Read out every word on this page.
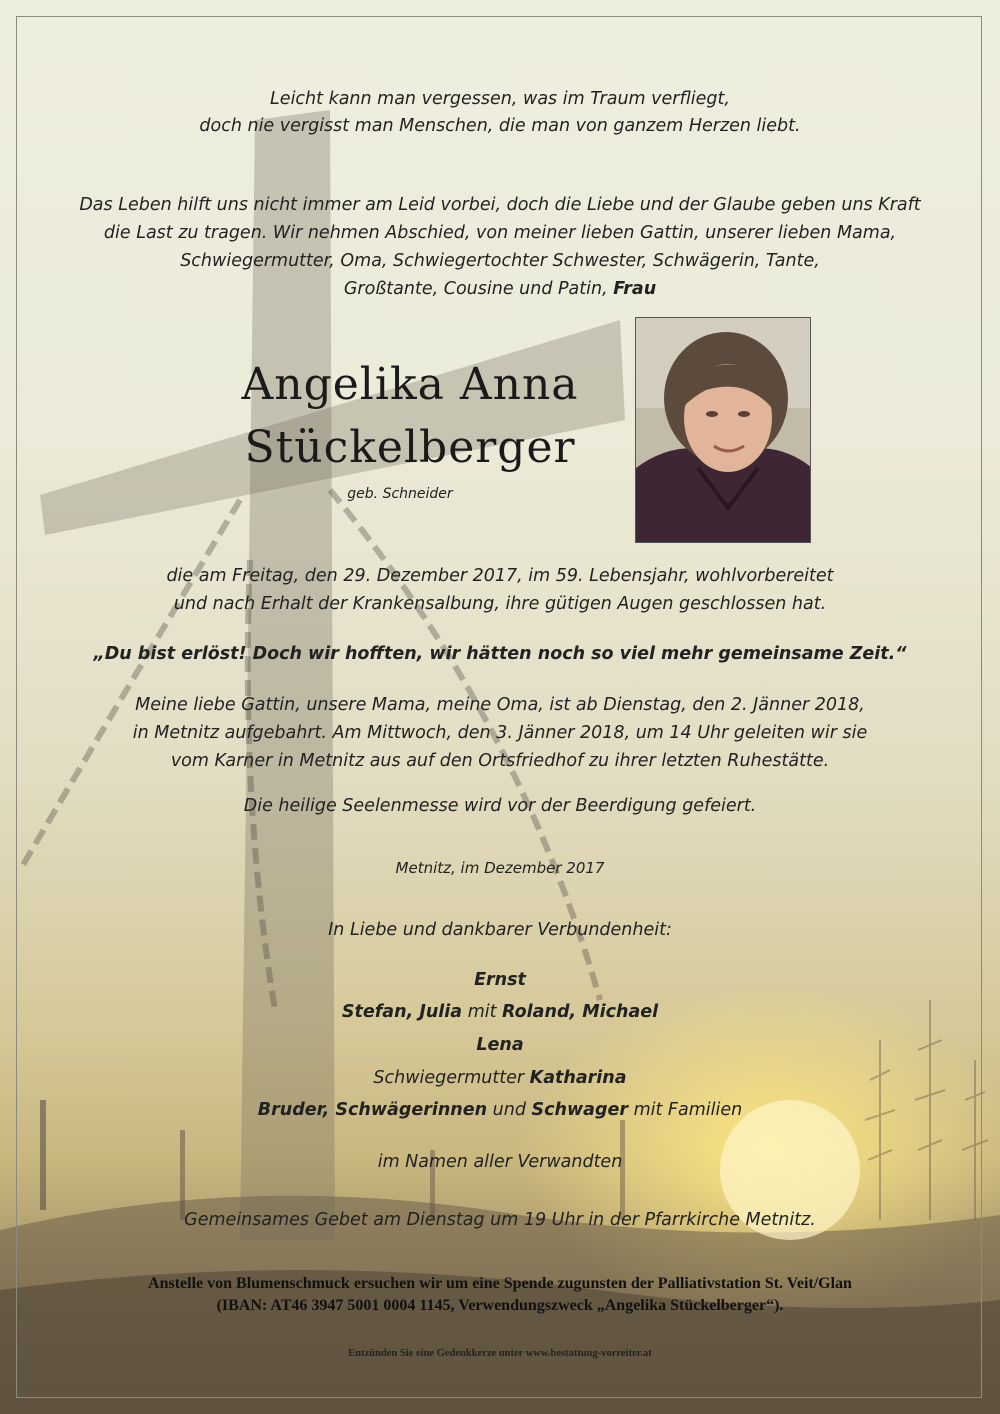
Leicht kann man vergessen, was im Traum verfliegt,
doch nie vergisst man Menschen, die man von ganzem Herzen liebt.
Das Leben hilft uns nicht immer am Leid vorbei, doch die Liebe und der Glaube geben uns Kraft
die Last zu tragen. Wir nehmen Abschied, von meiner lieben Gattin, unserer lieben Mama,
Schwiegermutter, Oma, Schwiegertochter Schwester, Schwägerin, Tante,
Großtante, Cousine und Patin, Frau
Angelika Anna
Stückelberger
geb. Schneider
die am Freitag, den 29. Dezember 2017, im 59. Lebensjahr, wohlvorbereitet
und nach Erhalt der Krankensalbung, ihre gütigen Augen geschlossen hat.
„Du bist erlöst! Doch wir hofften, wir hätten noch so viel mehr gemeinsame Zeit.“
Meine liebe Gattin, unsere Mama, meine Oma, ist ab Dienstag, den 2. Jänner 2018,
in Metnitz aufgebahrt. Am Mittwoch, den 3. Jänner 2018, um 14 Uhr geleiten wir sie
vom Karner in Metnitz aus auf den Ortsfriedhof zu ihrer letzten Ruhestätte.
Die heilige Seelenmesse wird vor der Beerdigung gefeiert.
Metnitz, im Dezember 2017
In Liebe und dankbarer Verbundenheit:
Ernst
Stefan, Julia mit Roland, Michael
Lena
Schwiegermutter Katharina
Bruder, Schwägerinnen und Schwager mit Familien
im Namen aller Verwandten
Gemeinsames Gebet am Dienstag um 19 Uhr in der Pfarrkirche Metnitz.
Anstelle von Blumenschmuck ersuchen wir um eine Spende zugunsten der Palliativstation St. Veit/Glan
(IBAN: AT46 3947 5001 0004 1145, Verwendungszweck „Angelika Stückelberger“).
Entzünden Sie eine Gedenkkerze unter www.bestattung-vorreiter.at
